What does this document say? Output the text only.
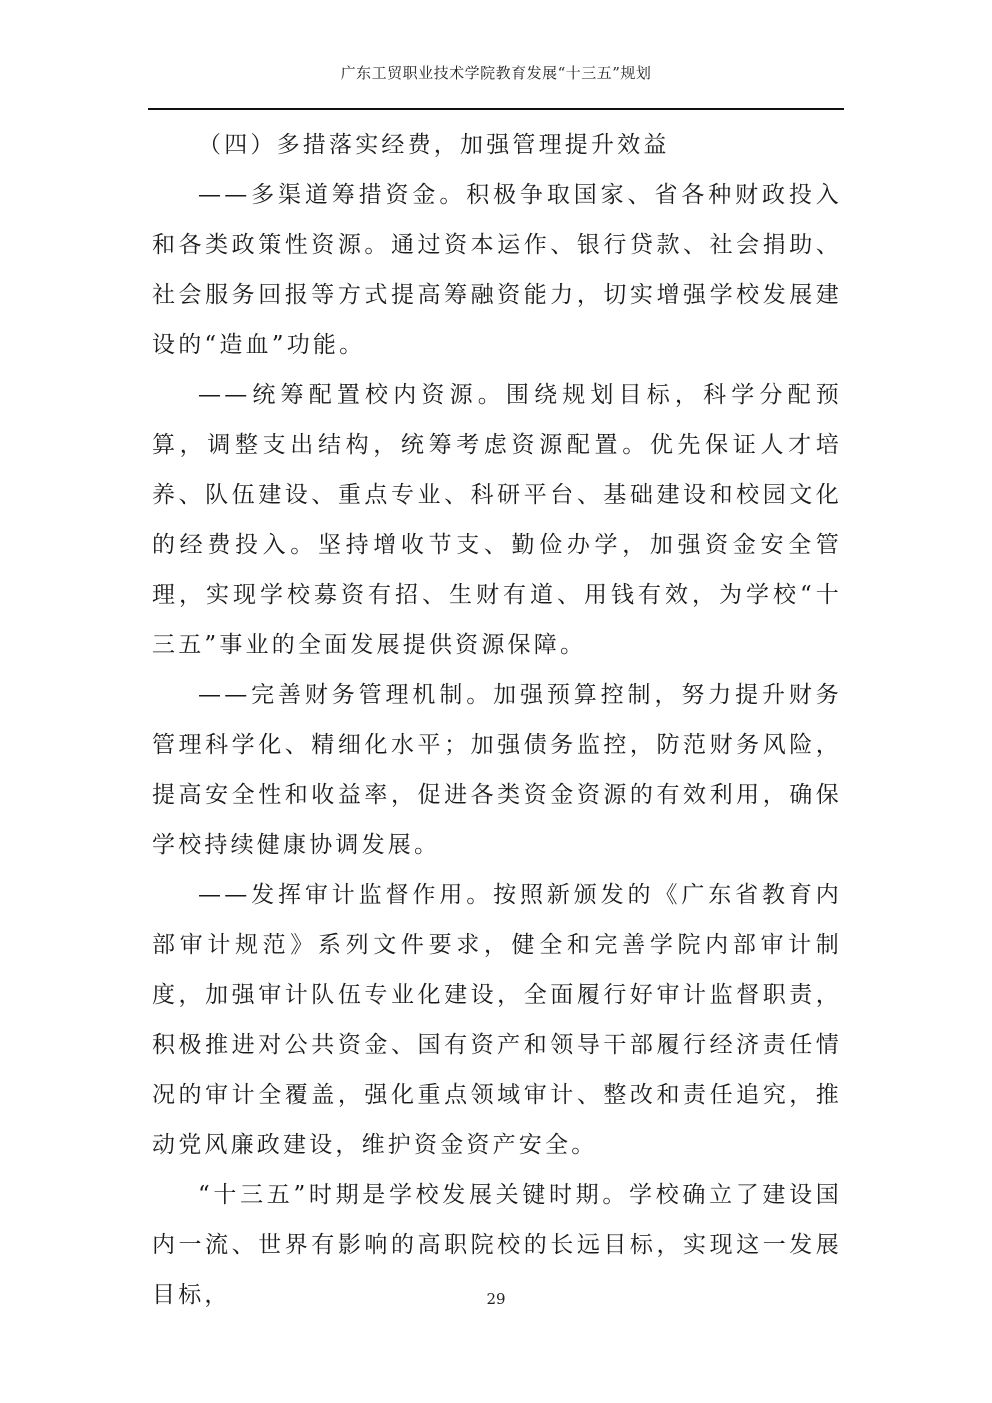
广东工贸职业技术学院教育发展“十三五”规划

（四）多措落实经费，加强管理提升效益

——多渠道筹措资金。积极争取国家、省各种财政投入和各类政策性资源。通过资本运作、银行贷款、社会捐助、社会服务回报等方式提高筹融资能力，切实增强学校发展建设的“造血”功能。

——统筹配置校内资源。围绕规划目标，科学分配预算，调整支出结构，统筹考虑资源配置。优先保证人才培养、队伍建设、重点专业、科研平台、基础建设和校园文化的经费投入。坚持增收节支、勤俭办学，加强资金安全管理，实现学校募资有招、生财有道、用钱有效，为学校“十三五”事业的全面发展提供资源保障。

——完善财务管理机制。加强预算控制，努力提升财务管理科学化、精细化水平；加强债务监控，防范财务风险，提高安全性和收益率，促进各类资金资源的有效利用，确保学校持续健康协调发展。

——发挥审计监督作用。按照新颁发的《广东省教育内部审计规范》系列文件要求，健全和完善学院内部审计制度，加强审计队伍专业化建设，全面履行好审计监督职责，积极推进对公共资金、国有资产和领导干部履行经济责任情况的审计全覆盖，强化重点领域审计、整改和责任追究，推动党风廉政建设，维护资金资产安全。

“十三五”时期是学校发展关键时期。学校确立了建设国内一流、世界有影响的高职院校的长远目标，实现这一发展目标，	29
